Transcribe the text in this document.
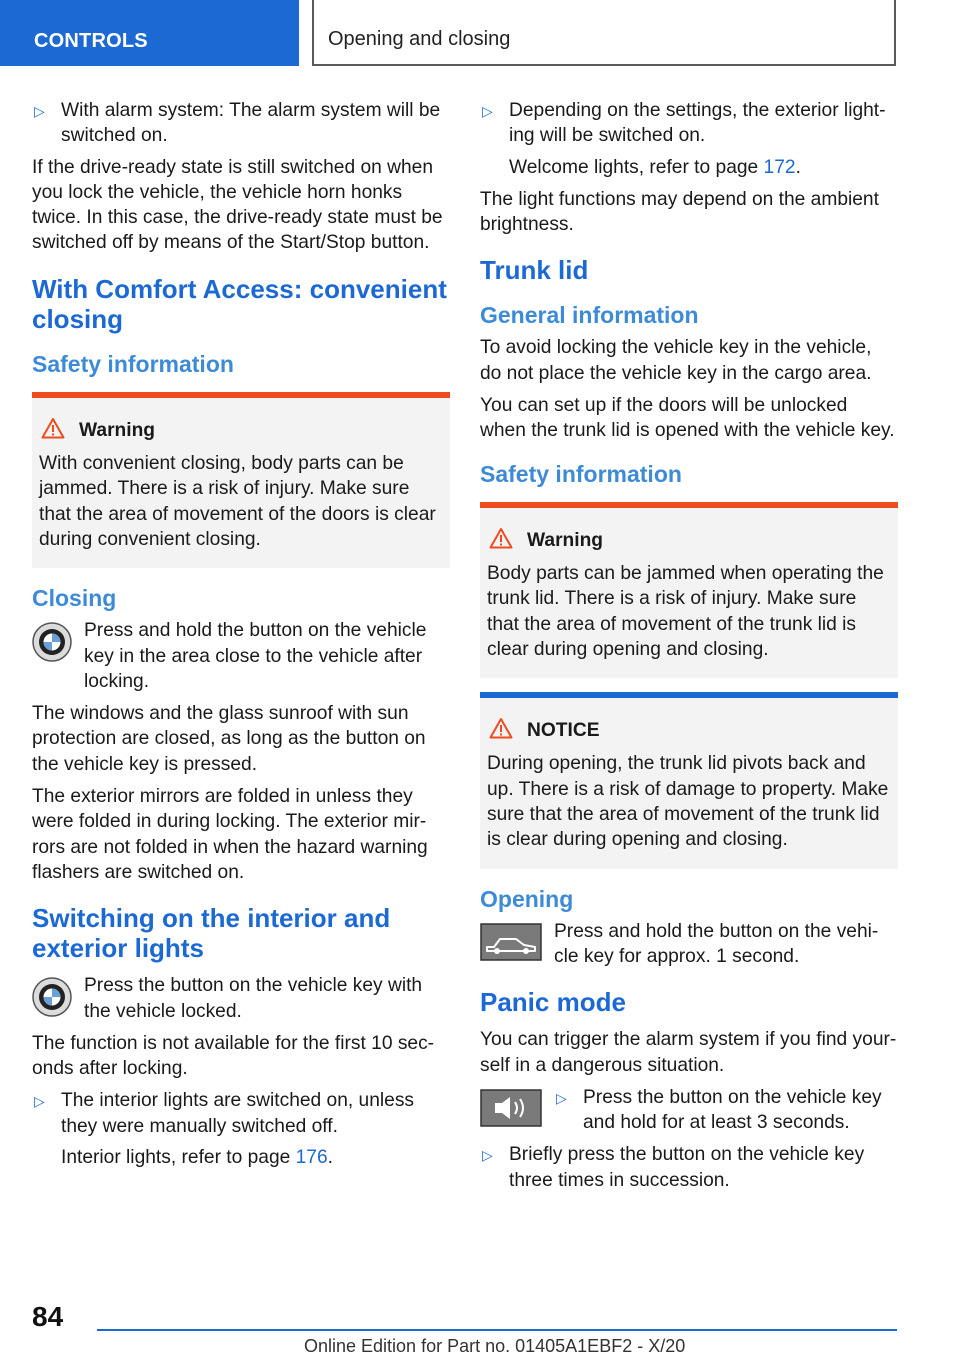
CONTROLS	Opening and closing
▷ With alarm system: The alarm system will be switched on.

If the drive-ready state is still switched on when you lock the vehicle, the vehicle horn honks twice. In this case, the drive-ready state must be switched off by means of the Start/Stop button.

With Comfort Access: convenient closing
Safety information
Warning
With convenient closing, body parts can be jammed. There is a risk of injury. Make sure that the area of movement of the doors is clear during convenient closing.
Closing
Press and hold the button on the vehicle key in the area close to the vehicle after locking.

The windows and the glass sunroof with sun protection are closed, as long as the button on the vehicle key is pressed.

The exterior mirrors are folded in unless they were folded in during locking. The exterior mir-rors are not folded in when the hazard warning flashers are switched on.

Switching on the interior and exterior lights
Press the button on the vehicle key with the vehicle locked.

The function is not available for the first 10 sec-onds after locking.

▷ The interior lights are switched on, unless they were manually switched off.
Interior lights, refer to page 176.
▷ Depending on the settings, the exterior light-ing will be switched on.
Welcome lights, refer to page 172.

The light functions may depend on the ambient brightness.

Trunk lid
General information

To avoid locking the vehicle key in the vehicle, do not place the vehicle key in the cargo area.

You can set up if the doors will be unlocked when the trunk lid is opened with the vehicle key.

Safety information
Warning
Body parts can be jammed when operating the trunk lid. There is a risk of injury. Make sure that the area of movement of the trunk lid is clear during opening and closing.
NOTICE
During opening, the trunk lid pivots back and up. There is a risk of damage to property. Make sure that the area of movement of the trunk lid is clear during opening and closing.
Opening
Press and hold the button on the vehi-cle key for approx. 1 second.
Panic mode

You can trigger the alarm system if you find your-self in a dangerous situation.

▷ Press the button on the vehicle key and hold for at least 3 seconds.
▷ Briefly press the button on the vehicle key three times in succession.
84
Online Edition for Part no. 01405A1EBF2 - X/20
